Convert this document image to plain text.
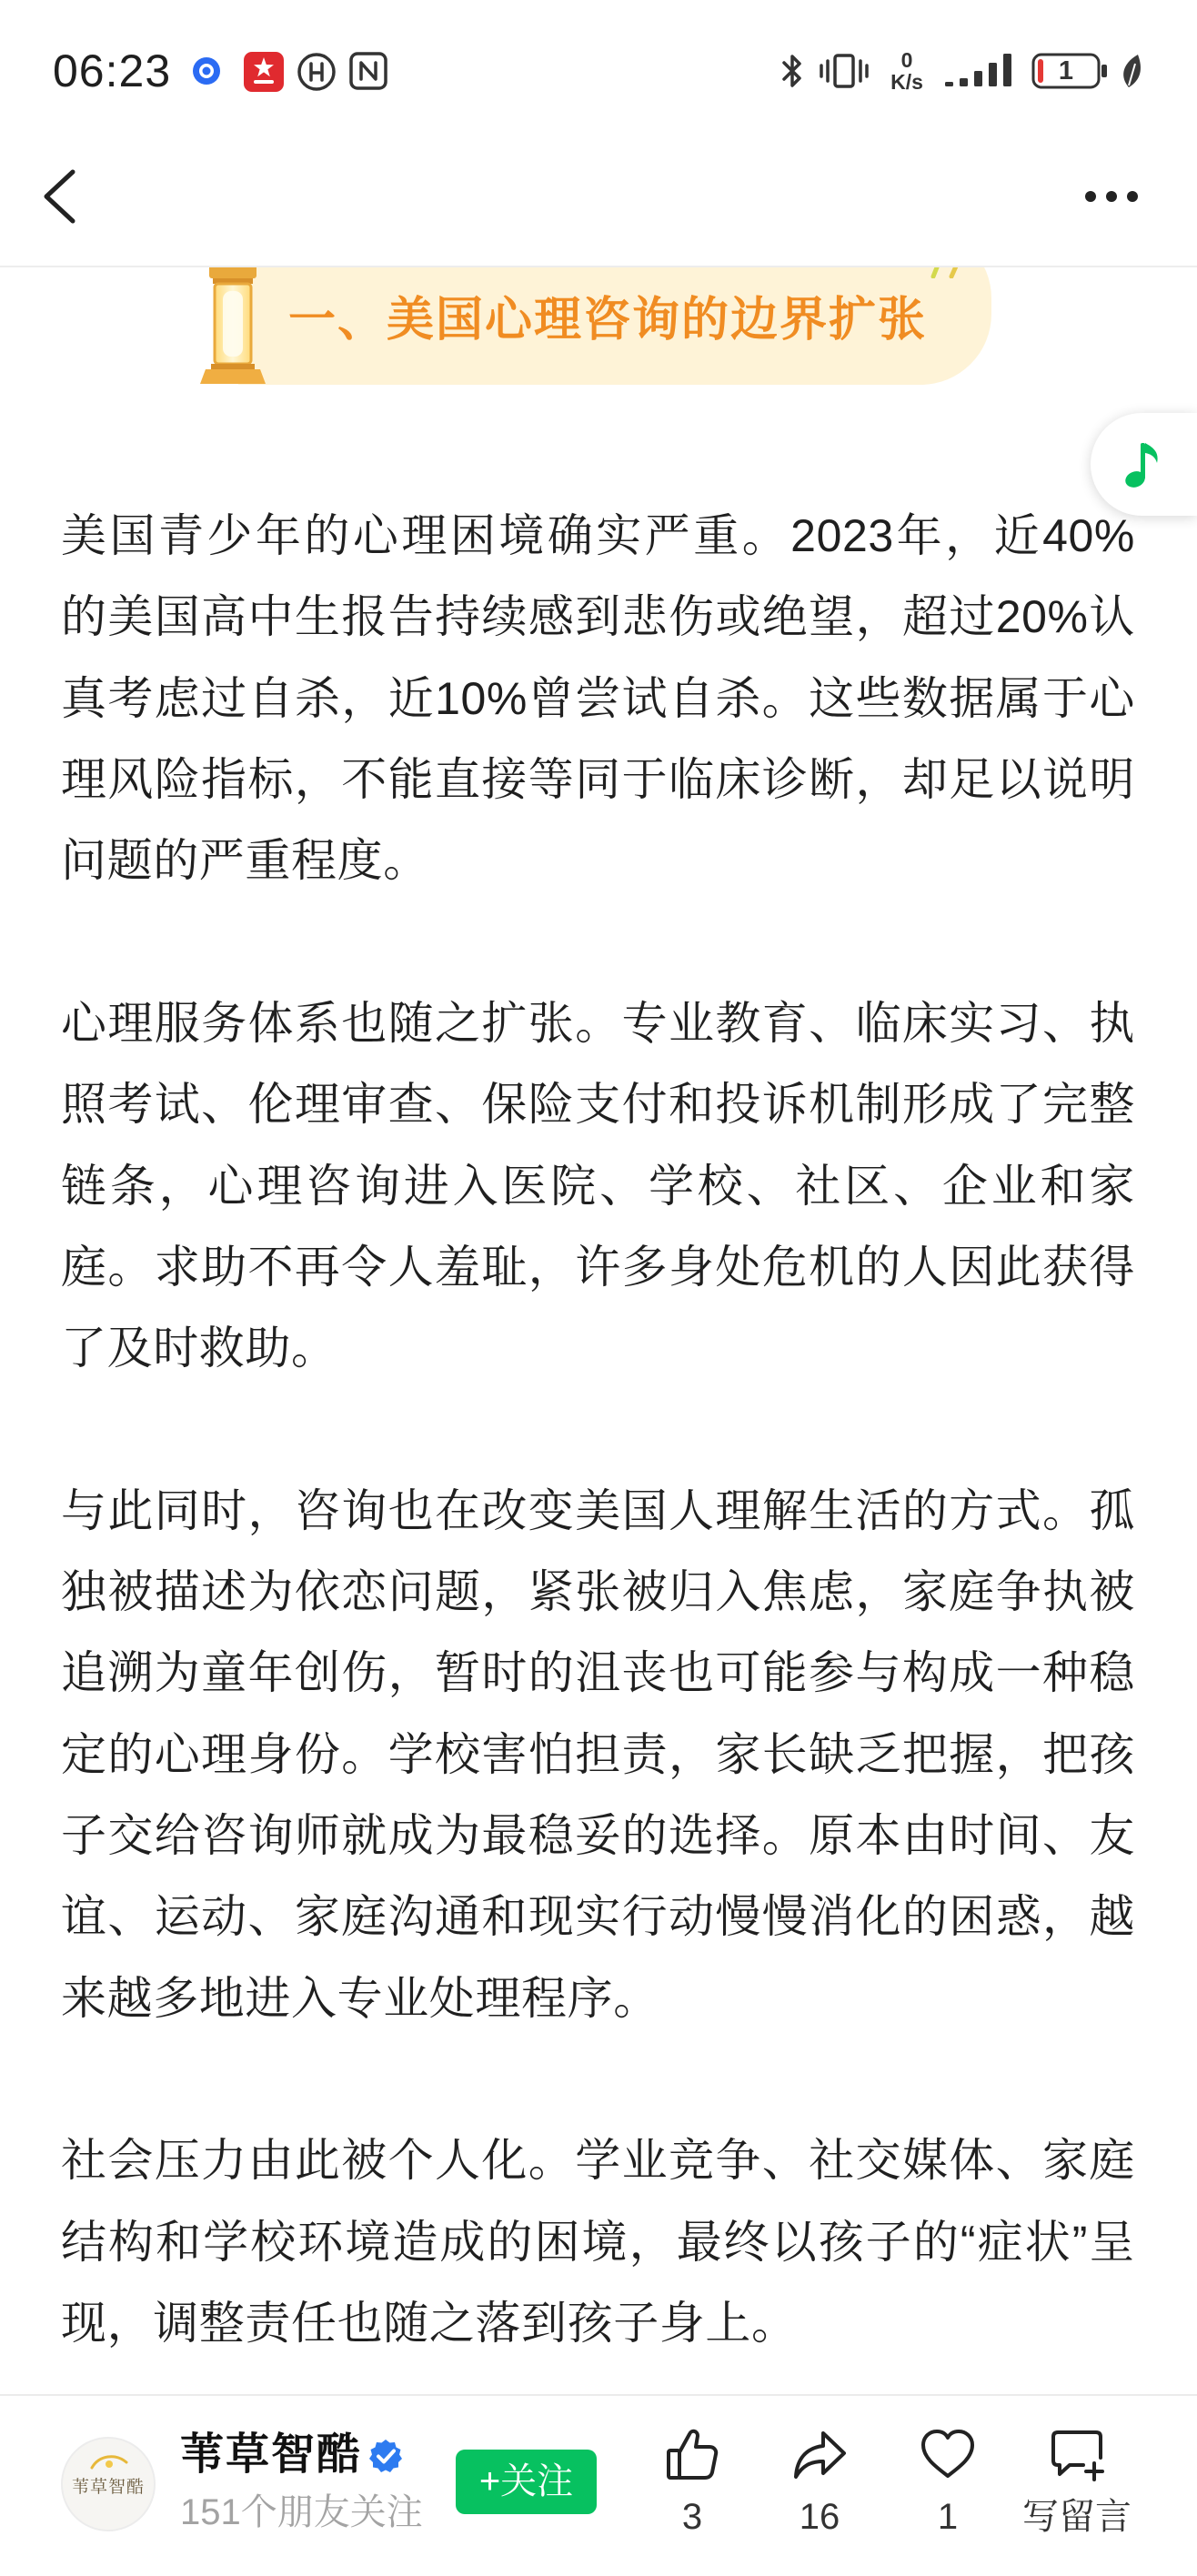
06:23	0
K/s	1
一、美国心理咨询的边界扩张
美国青少年的心理困境确实严重。2023年，近40%
的美国高中生报告持续感到悲伤或绝望，超过20%认
真考虑过自杀，近10%曾尝试自杀。这些数据属于心
理风险指标，不能直接等同于临床诊断，却足以说明
问题的严重程度。
心理服务体系也随之扩张。专业教育、临床实习、执
照考试、伦理审查、保险支付和投诉机制形成了完整
链条，心理咨询进入医院、学校、社区、企业和家
庭。求助不再令人羞耻，许多身处危机的人因此获得
了及时救助。
与此同时，咨询也在改变美国人理解生活的方式。孤
独被描述为依恋问题，紧张被归入焦虑，家庭争执被
追溯为童年创伤，暂时的沮丧也可能参与构成一种稳
定的心理身份。学校害怕担责，家长缺乏把握，把孩
子交给咨询师就成为最稳妥的选择。原本由时间、友
谊、运动、家庭沟通和现实行动慢慢消化的困惑，越
来越多地进入专业处理程序。
社会压力由此被个人化。学业竞争、社交媒体、家庭
结构和学校环境造成的困境，最终以孩子的“症状”呈
现，调整责任也随之落到孩子身上。
苇草智酷
苇草智酷
151个朋友关注
+关注
3	16	1	写留言
